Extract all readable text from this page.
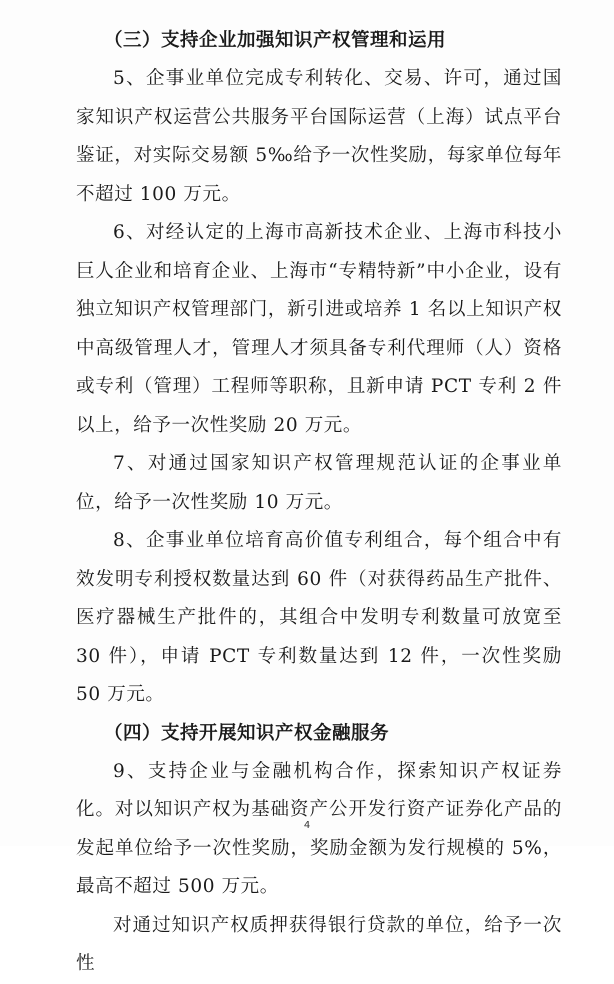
（三）支持企业加强知识产权管理和运用

5、企事业单位完成专利转化、交易、许可，通过国家知识产权运营公共服务平台国际运营（上海）试点平台鉴证，对实际交易额 5‰给予一次性奖励，每家单位每年不超过 100 万元。

6、对经认定的上海市高新技术企业、上海市科技小巨人企业和培育企业、上海市“专精特新”中小企业，设有独立知识产权管理部门，新引进或培养 1 名以上知识产权中高级管理人才，管理人才须具备专利代理师（人）资格或专利（管理）工程师等职称，且新申请 PCT 专利 2 件以上，给予一次性奖励 20 万元。

7、对通过国家知识产权管理规范认证的企事业单位，给予一次性奖励 10 万元。

8、企事业单位培育高价值专利组合，每个组合中有效发明专利授权数量达到 60 件（对获得药品生产批件、医疗器械生产批件的，其组合中发明专利数量可放宽至 30 件），申请 PCT 专利数量达到 12 件，一次性奖励 50 万元。

（四）支持开展知识产权金融服务

9、支持企业与金融机构合作，探索知识产权证券化。对以知识产权为基础资产公开发行资产证券化产品的发起单位给予一次性奖励，奖励金额为发行规模的 5%，最高不超过 500 万元。

对通过知识产权质押获得银行贷款的单位，给予一次性

4
